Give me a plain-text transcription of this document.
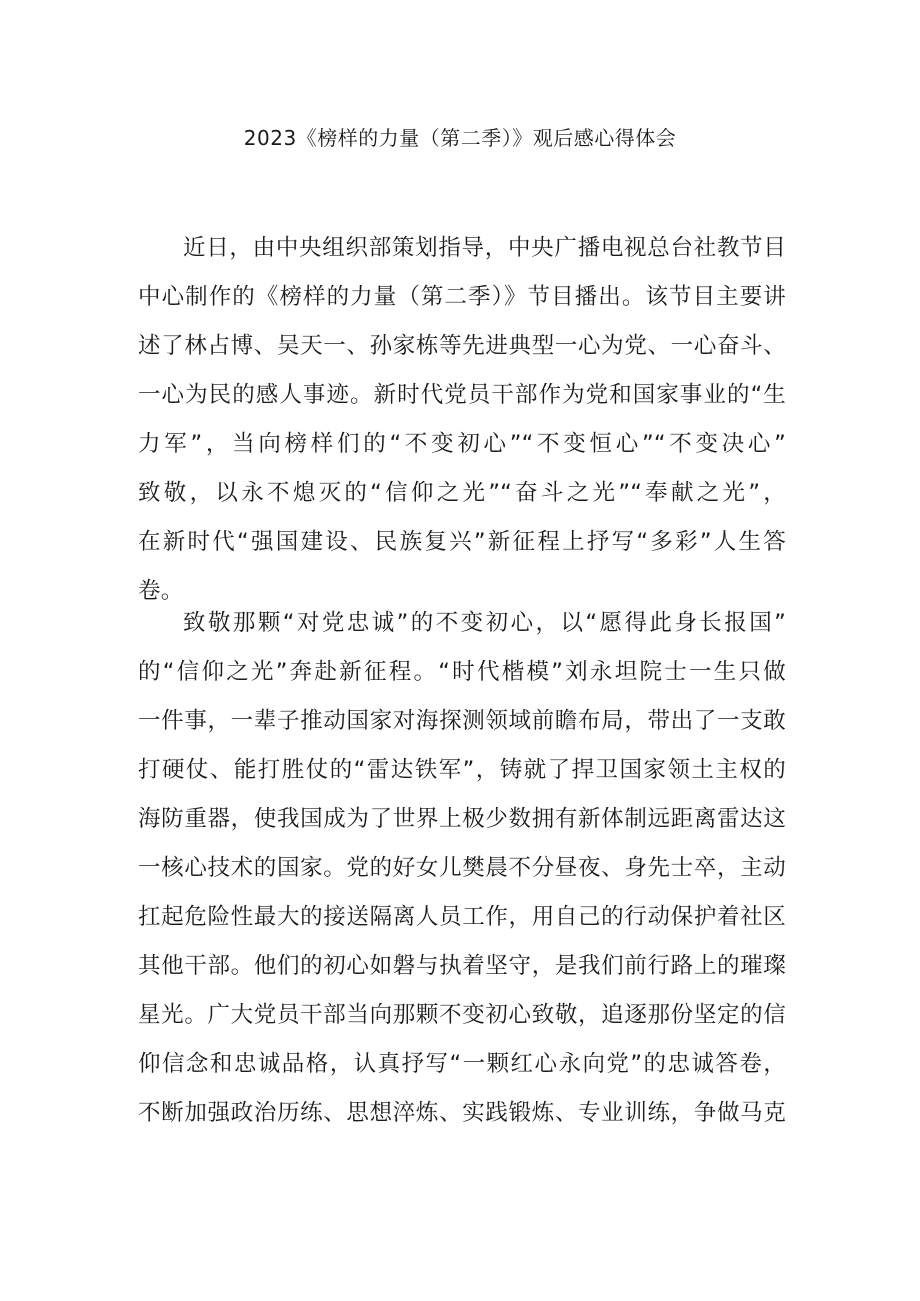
2023《榜样的力量（第二季）》观后感心得体会
近日，由中央组织部策划指导，中央广播电视总台社教节目
中心制作的《榜样的力量（第二季）》节目播出。该节目主要讲
述了林占博、吴天一、孙家栋等先进典型一心为党、一心奋斗、
一心为民的感人事迹。新时代党员干部作为党和国家事业的“生
力军”，当向榜样们的“不变初心”“不变恒心”“不变决心”
致敬，以永不熄灭的“信仰之光”“奋斗之光”“奉献之光”，
在新时代“强国建设、民族复兴”新征程上抒写“多彩”人生答
卷。
致敬那颗“对党忠诚”的不变初心，以“愿得此身长报国”
的“信仰之光”奔赴新征程。“时代楷模”刘永坦院士一生只做
一件事，一辈子推动国家对海探测领域前瞻布局，带出了一支敢
打硬仗、能打胜仗的“雷达铁军”，铸就了捍卫国家领土主权的
海防重器，使我国成为了世界上极少数拥有新体制远距离雷达这
一核心技术的国家。党的好女儿樊晨不分昼夜、身先士卒，主动
扛起危险性最大的接送隔离人员工作，用自己的行动保护着社区
其他干部。他们的初心如磐与执着坚守，是我们前行路上的璀璨
星光。广大党员干部当向那颗不变初心致敬，追逐那份坚定的信
仰信念和忠诚品格，认真抒写“一颗红心永向党”的忠诚答卷，
不断加强政治历练、思想淬炼、实践锻炼、专业训练，争做马克
